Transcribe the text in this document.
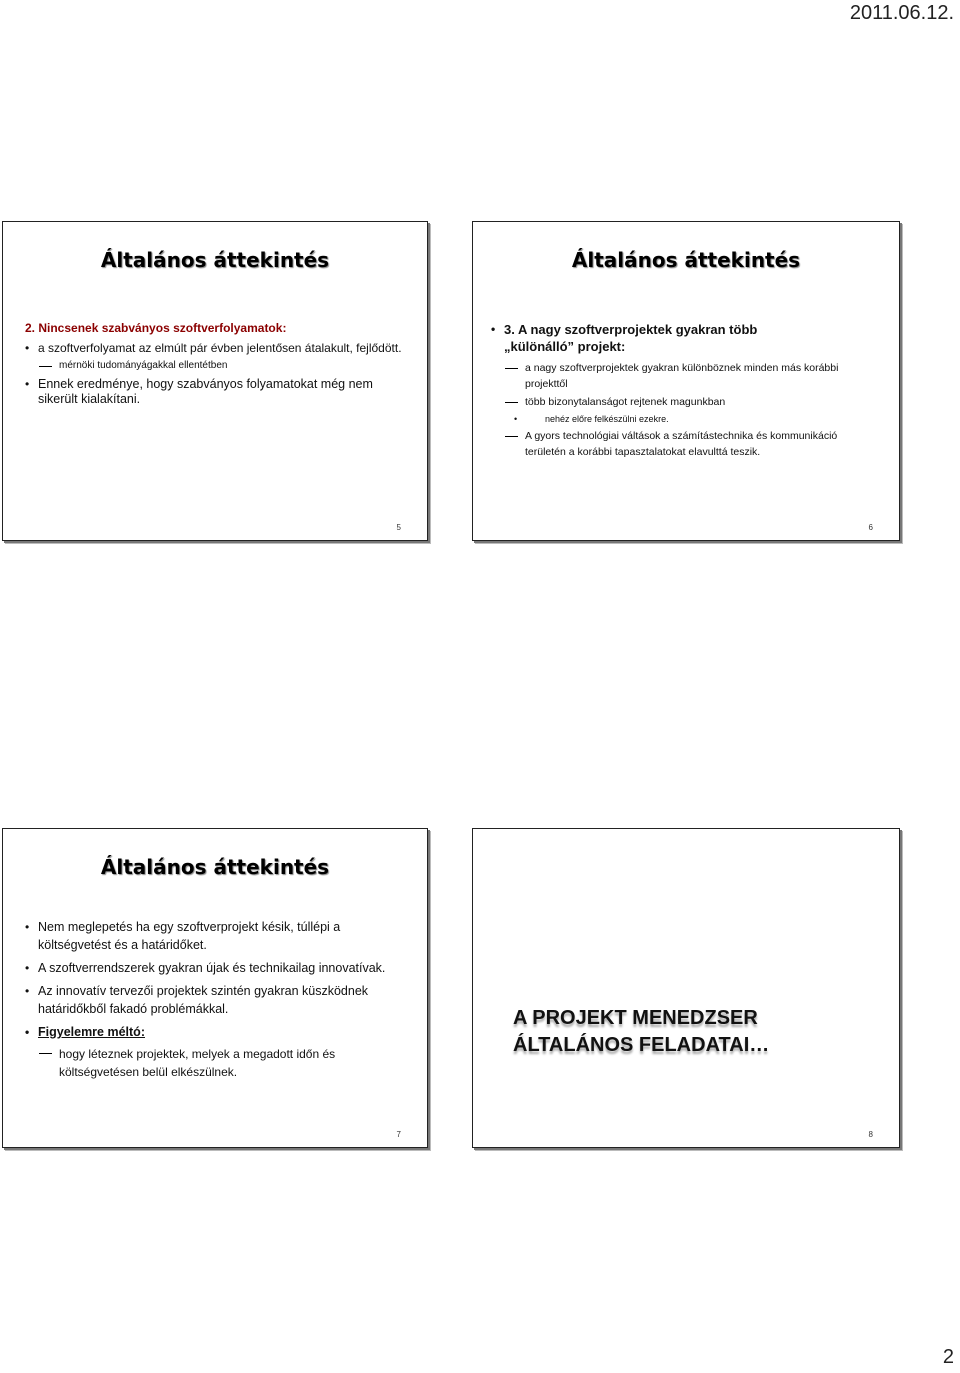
2011.06.12.
Általános áttekintés
2. Nincsenek szabványos szoftverfolyamatok:
• a szoftverfolyamat az elmúlt pár évben jelentősen átalakult, fejlődött.
mérnöki tudományágakkal ellentétben
• Ennek eredménye, hogy szabványos folyamatokat még nem sikerült kialakítani.
5
Általános áttekintés
• 3. A nagy szoftverprojektek gyakran több
„különálló” projekt:
a nagy szoftverprojektek gyakran különböznek minden más korábbi projekttől
több bizonytalanságot rejtenek magunkban
• nehéz előre felkészülni ezekre.
A gyors technológiai váltások a számítástechnika és kommunikáció területén a korábbi tapasztalatokat elavulttá teszik.
6
Általános áttekintés
• Nem meglepetés ha egy szoftverprojekt késik, túllépi a költségvetést és a határidőket.
• A szoftverrendszerek gyakran újak és technikailag innovatívak.
• Az innovatív tervezői projektek szintén gyakran küszködnek határidőkből fakadó problémákkal.
• Figyelemre méltó:
hogy léteznek projektek, melyek a megadott időn és költségvetésen belül elkészülnek.
7
A PROJEKT MENEDZSER
ÁLTALÁNOS FELADATAI…
8
2
